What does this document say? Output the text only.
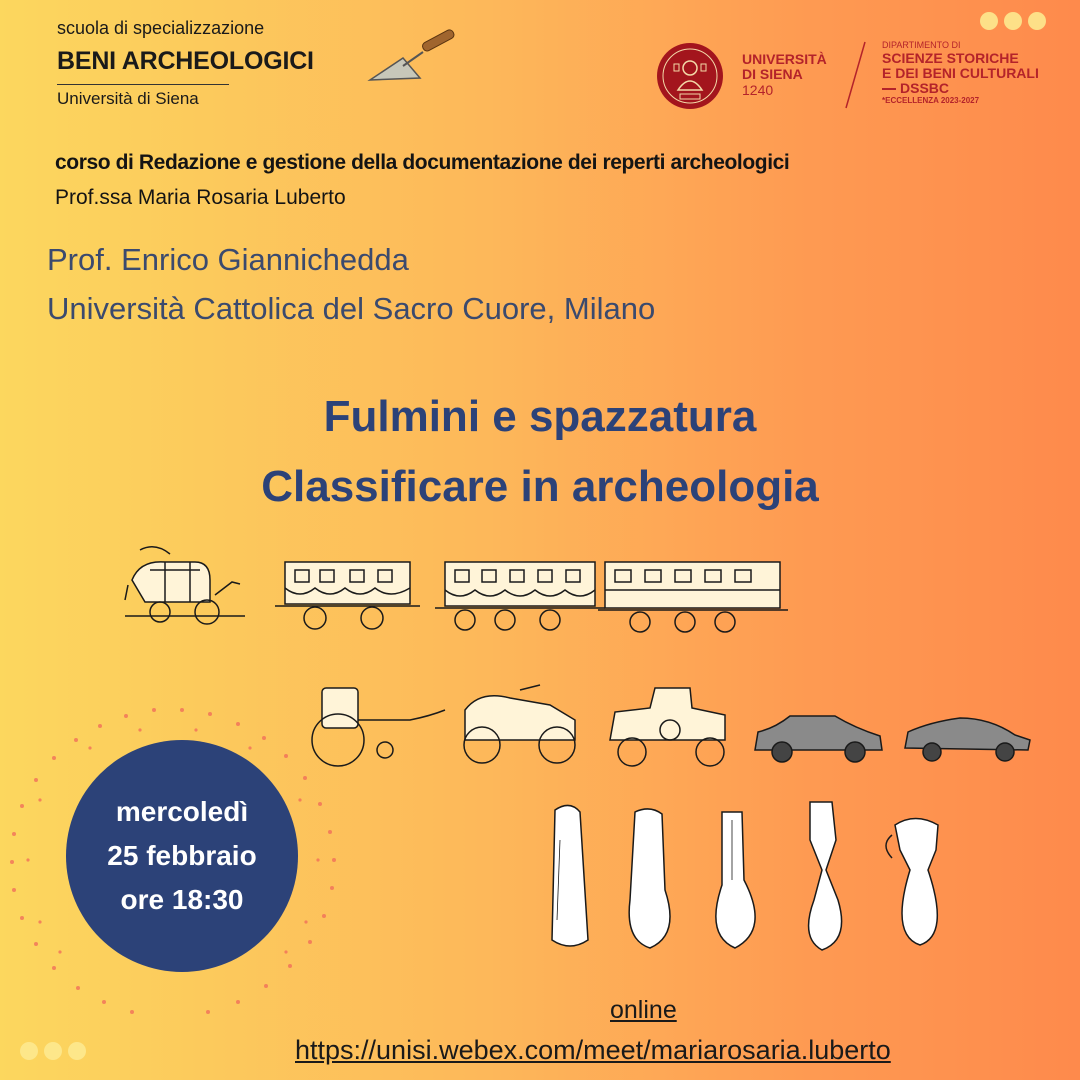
scuola di specializzazione
BENI ARCHEOLOGICI
Università di Siena
UNIVERSITÀ
DI SIENA
1240
DIPARTIMENTO DI
SCIENZE STORICHE
E DEI BENI CULTURALI
DSSBC
*ECCELLENZA 2023-2027
corso di Redazione e gestione della documentazione dei reperti archeologici
Prof.ssa Maria Rosaria Luberto
Prof. Enrico Giannichedda
Università Cattolica del Sacro Cuore, Milano
Fulmini e spazzatura
Classificare in archeologia
mercoledì
25 febbraio
ore 18:30
online
https://unisi.webex.com/meet/mariarosaria.luberto
